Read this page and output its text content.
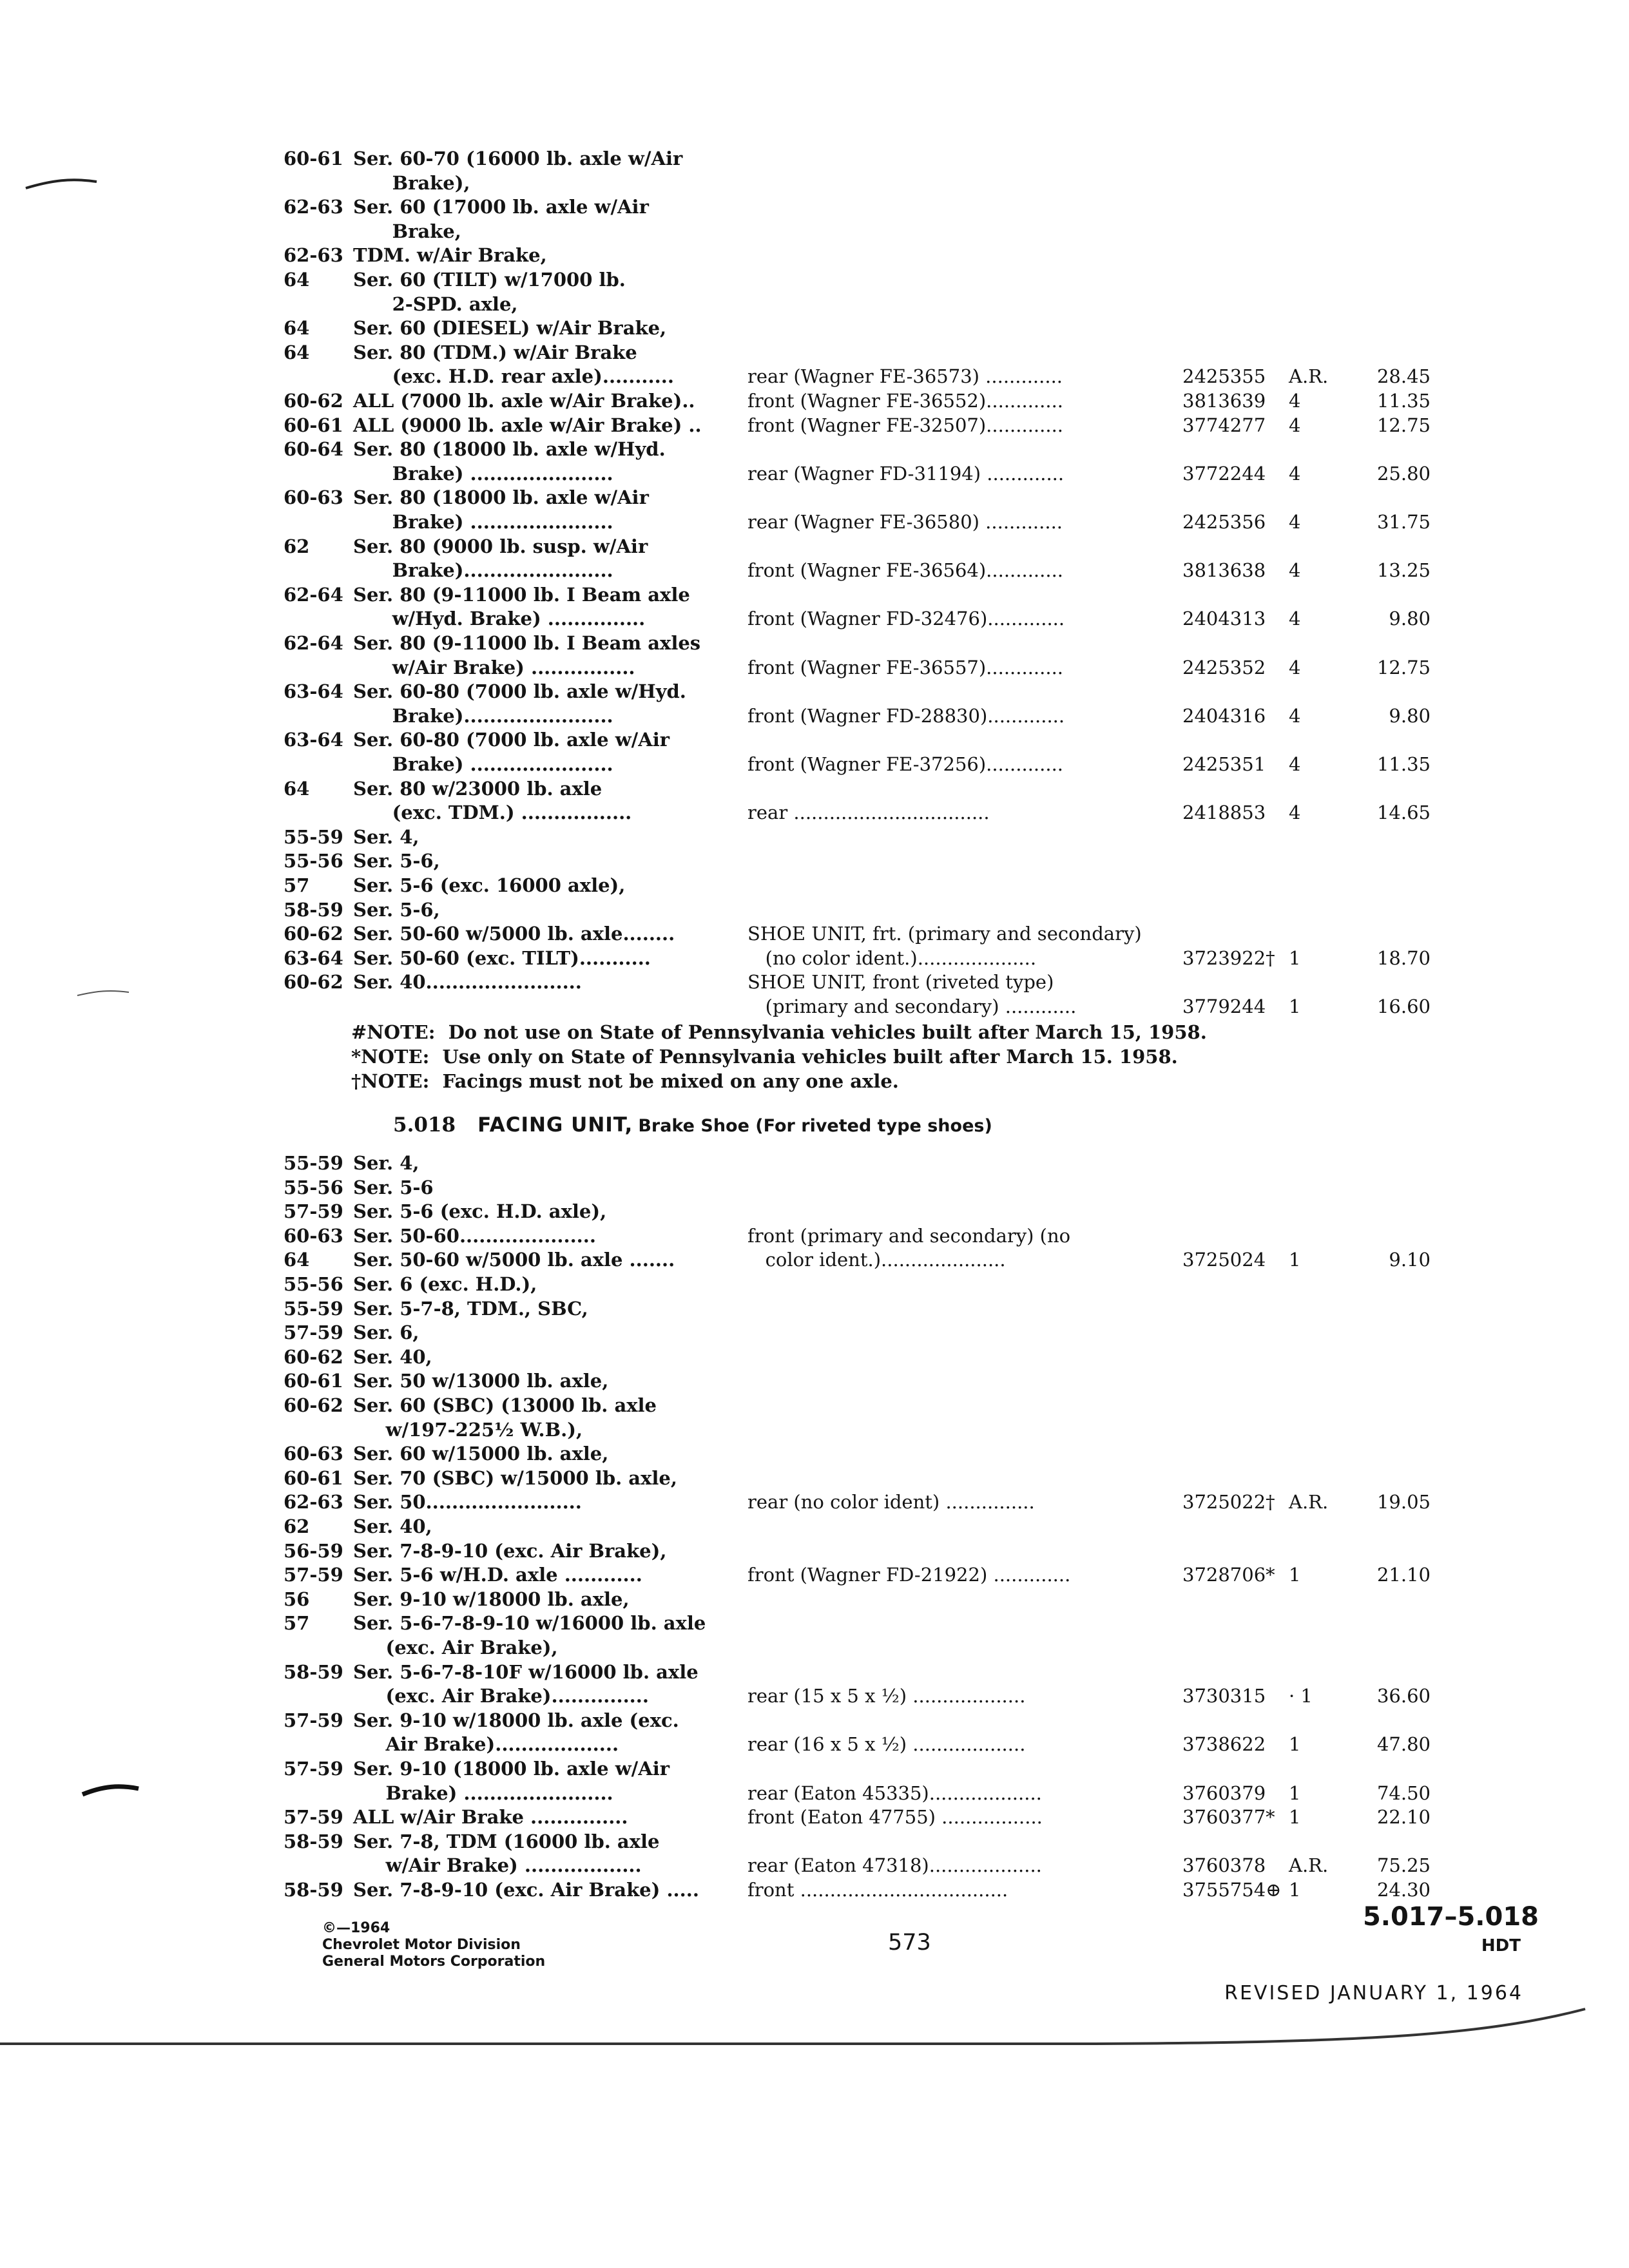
60-61 Ser. 60-70 (16000 lb. axle w/Air
Brake),
62-63 Ser. 60 (17000 lb. axle w/Air
Brake,
62-63 TDM. w/Air Brake,
64 Ser. 60 (TILT) w/17000 lb.
2-SPD. axle,
64 Ser. 60 (DIESEL) w/Air Brake,
64 Ser. 80 (TDM.) w/Air Brake
(exc. H.D. rear axle)...........	rear (Wagner FE-36573) .............	2425355 A.R.	28.45
60-62 ALL (7000 lb. axle w/Air Brake)..	front (Wagner FE-36552).............	3813639 4	11.35
60-61 ALL (9000 lb. axle w/Air Brake) .. front (Wagner FE-32507).............	3774277 4	12.75
60-64 Ser. 80 (18000 lb. axle w/Hyd.
Brake) ......................	rear (Wagner FD-31194) .............	3772244 4	25.80
60-63 Ser. 80 (18000 lb. axle w/Air
Brake) ......................	rear (Wagner FE-36580) .............	2425356 4	31.75
62 Ser. 80 (9000 lb. susp. w/Air
Brake).......................	front (Wagner FE-36564).............	3813638 4	13.25
62-64 Ser. 80 (9-11000 lb. I Beam axle
w/Hyd. Brake) ...............	front (Wagner FD-32476).............	2404313 4	9.80
62-64 Ser. 80 (9-11000 lb. I Beam axles
w/Air Brake) ................	front (Wagner FE-36557).............	2425352 4	12.75
63-64 Ser. 60-80 (7000 lb. axle w/Hyd.
Brake).......................	front (Wagner FD-28830).............	2404316 4	9.80
63-64 Ser. 60-80 (7000 lb. axle w/Air
Brake) ......................	front (Wagner FE-37256).............	2425351 4	11.35
64 Ser. 80 w/23000 lb. axle
(exc. TDM.) .................	rear .................................	2418853 4	14.65
55-59 Ser. 4,
55-56 Ser. 5-6,
57 Ser. 5-6 (exc. 16000 axle),
58-59 Ser. 5-6,
60-62 Ser. 50-60 w/5000 lb. axle........	SHOE UNIT, frt. (primary and secondary)
63-64 Ser. 50-60 (exc. TILT)...........	(no color ident.)....................	3723922† 1	18.70
60-62 Ser. 40........................	SHOE UNIT, front (riveted type)
(primary and secondary) ............	3779244 1	16.60
#NOTE:  Do not use on State of Pennsylvania vehicles built after March 15, 1958.
*NOTE:  Use only on State of Pennsylvania vehicles built after March 15. 1958.
†NOTE:  Facings must not be mixed on any one axle.
5.018 FACING UNIT, Brake Shoe (For riveted type shoes)
55-59 Ser. 4,
55-56 Ser. 5-6
57-59 Ser. 5-6 (exc. H.D. axle),
60-63 Ser. 50-60.....................	front (primary and secondary) (no
64 Ser. 50-60 w/5000 lb. axle .......	color ident.).....................	3725024 1	9.10
55-56 Ser. 6 (exc. H.D.),
55-59 Ser. 5-7-8, TDM., SBC,
57-59 Ser. 6,
60-62 Ser. 40,
60-61 Ser. 50 w/13000 lb. axle,
60-62 Ser. 60 (SBC) (13000 lb. axle
w/197-225½ W.B.),
60-63 Ser. 60 w/15000 lb. axle,
60-61 Ser. 70 (SBC) w/15000 lb. axle,
62-63 Ser. 50........................	rear (no color ident) ...............	3725022† A.R.	19.05
62 Ser. 40,
56-59 Ser. 7-8-9-10 (exc. Air Brake),
57-59 Ser. 5-6 w/H.D. axle ............	front (Wagner FD-21922) .............	3728706* 1	21.10
56 Ser. 9-10 w/18000 lb. axle,
57 Ser. 5-6-7-8-9-10 w/16000 lb. axle
(exc. Air Brake),
58-59 Ser. 5-6-7-8-10F w/16000 lb. axle
(exc. Air Brake)...............	rear (15 x 5 x ½) ...................	3730315 · 1	36.60
57-59 Ser. 9-10 w/18000 lb. axle (exc.
Air Brake)...................	rear (16 x 5 x ½) ...................	3738622 1	47.80
57-59 Ser. 9-10 (18000 lb. axle w/Air
Brake) .......................	rear (Eaton 45335)...................	3760379 1	74.50
57-59 ALL w/Air Brake ...............	front (Eaton 47755) .................	3760377* 1	22.10
58-59 Ser. 7-8, TDM (16000 lb. axle
w/Air Brake) ..................	rear (Eaton 47318)...................	3760378 A.R.	75.25
58-59 Ser. 7-8-9-10 (exc. Air Brake) .....	front ...................................	3755754⊕ 1	24.30
©—1964
Chevrolet Motor Division
General Motors Corporation
573
5.017–5.018
HDT
REVISED JANUARY 1, 1964
